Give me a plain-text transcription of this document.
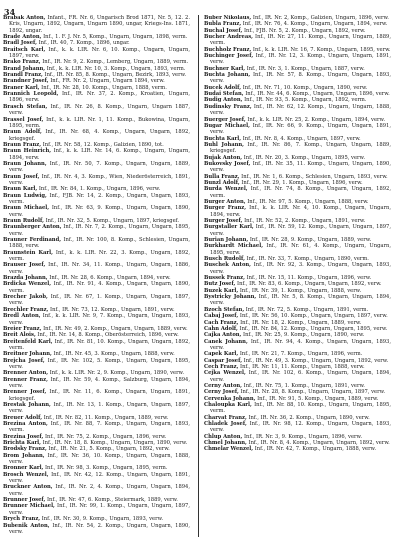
34
Brabak Anton, Infant., FR. Nr. 6, Ungarisch Brod 1871, Nr. 5, 12. 2. Kris, Ungarn, 1892, Ungarn, Ungarn 1890, ungar, Kriegs-Ins. 1871, 1892, ungar.
Brade Anton, Inf., 1. F. J. Nr. 5, Komp., Ungarn, Ungarn, 1898, verm.
Bradl Josef, Inf., IR. 40, 7. Komp., 1896, ungar.
Braitsch Karl, Inf., k. k. LIR. Nr. 6, 10. Komp., Ungarn, Ungarn, 1897, verw.
Brako Franz, Inf., IR. Nr. 9, 2. Komp., Lemberg, Ungarn, 1889, verm.
Brand Johann, Inf., k. k. LIR. Nr. 10, 3. Komp., Ungarn, 1893, verm.
Brandl Franz, Inf., IR. Nr. 85, 8. Komp., Ungarn, Bezirk, 1893, verw.
Brandner Josef, Inf., FR. Nr. 2, Ungarn, Ungarn 1894, verw.
Braner Karl, Inf., IR. Nr. 28, 10. Komp., Ungarn, 1888, verm.
Brannich Leopold, Inf., IR. Nr. 37, 2. Komp., Kroatien, Ungarn, 1896, verw.
Brasch Stefan, Inf., IR. Nr. 26, 8. Komp., Ungarn, Ungarn 1887, verw.
Brassel Josef, Inf., k. k. LIR. Nr. 1, 11. Komp., Bukowina, Ungarn, 1895, verm.
Braun Adolf, Inf., IR. Nr. 68, 4. Komp., Ungarn, Ungarn, 1892, kriegsgef.
Braun Franz, Inf., IR. Nr. 58, 12. Komp., Galizien, 1890, tot.
Braun Heinrich, Inf., k. k. LIR. Nr. 14, 6. Komp., Ungarn, Ungarn, 1894, verw.
Braun Johann, Inf., IR. Nr. 50, 7. Komp., Ungarn, Ungarn, 1889, verw.
Braun Josef, Inf., IR. Nr. 4, 3. Komp., Wien, Niederösterreich, 1891, verw.
Braun Karl, Inf., IR. Nr. 84, 1. Komp., Ungarn, 1896, verw.
Braun Ludwig, Inf., FJB. Nr. 14, 2. Komp., Ungarn, Ungarn, 1893, verm.
Braun Michael, Inf., IR. Nr. 63, 9. Komp., Ungarn, Ungarn, 1890, verw.
Braun Rudolf, Inf., IR. Nr. 32, 5. Komp., Ungarn, 1897, kriegsgef.
Braunberger Anton, Inf., IR. Nr. 7, 2. Komp., Ungarn, Ungarn, 1895, verw.
Brauner Ferdinand, Inf., IR. Nr. 100, 8. Komp., Schlesien, Ungarn, 1888, verw.
Braunstein Karl, Inf., k. k. LIR. Nr. 22, 3. Komp., Ungarn, 1892, verm.
Brauser Josef, Inf., IR. Nr. 34, 11. Komp., Ungarn, Ungarn, 1886, verw.
Brazda Johann, Inf., IR. Nr. 28, 6. Komp., Ungarn, 1894, verw.
Brdicka Wenzel, Inf., IR. Nr. 91, 4. Komp., Ungarn, Ungarn, 1890, verm.
Brecher Jakob, Inf., IR. Nr. 67, 1. Komp., Ungarn, Ungarn, 1897, verw.
Brechler Franz, Inf., IR. Nr. 73, 12. Komp., Ungarn, 1891, verw.
Bredl Anton, Inf., k. k. LIR. Nr. 9, 7. Komp., Ungarn, Ungarn, 1893, verw.
Breier Franz, Inf., IR. Nr. 49, 2. Komp., Ungarn, Ungarn, 1889, verw.
Breit Alois, Inf., IR. Nr. 14, 8. Komp., Oberösterreich, 1896, verw.
Breitenfeld Karl, Inf., IR. Nr. 81, 10. Komp., Ungarn, Ungarn, 1892, verm.
Breitner Johann, Inf., IR. Nr. 45, 3. Komp., Ungarn, 1888, verw.
Brejcha Josef, Inf., IR. Nr. 102, 5. Komp., Ungarn, Ungarn, 1895, verw.
Brenner Anton, Inf., k. k. LIR. Nr. 2, 9. Komp., Ungarn, 1890, verw.
Brenner Franz, Inf., IR. Nr. 59, 4. Komp., Salzburg, Ungarn, 1894, verw.
Brenner Josef, Inf., IR. Nr. 11, 6. Komp., Ungarn, Ungarn, 1891, kriegsgef.
Brestak Johann, Inf., IR. Nr. 13, 1. Komp., Ungarn, Ungarn, 1897, verw.
Breuer Adolf, Inf., IR. Nr. 82, 11. Komp., Ungarn, 1889, verw.
Brezina Anton, Inf., IR. Nr. 88, 7. Komp., Ungarn, Ungarn, 1893, verm.
Brezina Josef, Inf., IR. Nr. 75, 2. Komp., Ungarn, 1896, verw.
Brichta Karl, Inf., IR. Nr. 18, 8. Komp., Ungarn, Ungarn, 1890, verw.
Brodsky Franz, Inf., IR. Nr. 21, 5. Komp., Ungarn, 1892, verw.
Brom Johann, Inf., IR. Nr. 36, 10. Komp., Ungarn, Ungarn, 1888, verw.
Bronner Karl, Inf., IR. Nr. 98, 3. Komp., Ungarn, 1895, verm.
Brosch Wenzel, Inf., IR. Nr. 42, 12. Komp., Ungarn, Ungarn, 1891, verw.
Bruckner Anton, Inf., IR. Nr. 2, 4. Komp., Ungarn, Ungarn, 1894, verw.
Brunner Josef, Inf., IR. Nr. 47, 6. Komp., Steiermark, 1889, verw.
Brunner Michael, Inf., IR. Nr. 99, 1. Komp., Ungarn, Ungarn, 1897, verw.
Brych Franz, Inf., IR. Nr. 30, 9. Komp., Ungarn, 1893, verw.
Bubenik Anton, Inf., IR. Nr. 54, 2. Komp., Ungarn, Ungarn, 1890, verw.
Buber Nikolaus, Inf., IR. Nr. 2, Komp., Galizien, Ungarn, 1896, verw.
Bubla Franz, Inf., IR. Nr. 76, 4. Komp., Ungarn, Ungarn, 1894, verw.
Buchal Josef, Inf., FJB. Nr. 5, 2. Komp., Ungarn, 1892, verw.
Bucher Andreas, Inf., IR. Nr. 27, 11. Komp., Ungarn, Ungarn, 1889, verm.
Buchholz Franz, Inf., k. k. LIR. Nr. 16, 7. Komp., Ungarn, 1895, verw.
Buchinger Josef, Inf., IR. Nr. 12, 3. Komp., Ungarn, Ungarn, 1891, verw.
Buchner Karl, Inf., IR. Nr. 3, 1. Komp., Ungarn, 1887, verw.
Buchta Johann, Inf., IR. Nr. 57, 8. Komp., Ungarn, Ungarn, 1893, verw.
Bucek Adolf, Inf., IR. Nr. 71, 10. Komp., Ungarn, 1890, verw.
Budai Stefan, Inf., IR. Nr. 44, 6. Komp., Ungarn, Ungarn, 1896, verw.
Budig Anton, Inf., IR. Nr. 93, 5. Komp., Ungarn, 1892, verm.
Budinsky Franz, Inf., IR. Nr. 62, 12. Komp., Ungarn, Ungarn, 1888, verw.
Buerger Josef, Inf., k. k. LIR. Nr. 25, 2. Komp., Ungarn, 1894, verw.
Bugar Michael, Inf., IR. Nr. 66, 9. Komp., Ungarn, Ungarn, 1891, verw.
Buchta Karl, Inf., IR. Nr. 8, 4. Komp., Ungarn, 1897, verw.
Buhl Johann, Inf., IR. Nr. 86, 7. Komp., Ungarn, Ungarn, 1889, kriegsgef.
Bujak Anton, Inf., IR. Nr. 20, 3. Komp., Ungarn, 1895, verw.
Bukovsky Josef, Inf., IR. Nr. 35, 11. Komp., Ungarn, Ungarn, 1890, verw.
Bulla Franz, Inf., IR. Nr. 1, 6. Komp., Schlesien, Ungarn, 1893, verw.
Bunzl Adolf, Inf., IR. Nr. 29, 1. Komp., Ungarn, 1896, verw.
Burda Wenzel, Inf., IR. Nr. 74, 8. Komp., Ungarn, Ungarn, 1892, verm.
Burger Anton, Inf., IR. Nr. 97, 5. Komp., Ungarn, 1888, verw.
Burger Franz, Inf., k. k. LIR. Nr. 4, 10. Komp., Ungarn, Ungarn, 1894, verw.
Burger Josef, Inf., IR. Nr. 52, 2. Komp., Ungarn, 1891, verw.
Burgstaller Karl, Inf., IR. Nr. 59, 12. Komp., Ungarn, Ungarn, 1897, verw.
Burian Johann, Inf., IR. Nr. 28, 9. Komp., Ungarn, 1889, verw.
Burkhardt Michael, Inf., IR. Nr. 61, 4. Komp., Ungarn, Ungarn, 1895, verw.
Busch Rudolf, Inf., IR. Nr. 33, 7. Komp., Ungarn, 1890, verm.
Buschek Anton, Inf., IR. Nr. 92, 3. Komp., Ungarn, Ungarn, 1893, verw.
Bussek Franz, Inf., IR. Nr. 15, 11. Komp., Ungarn, 1896, verw.
Butz Josef, Inf., IR. Nr. 83, 6. Komp., Ungarn, Ungarn, 1892, verw.
Buzek Karl, Inf., IR. Nr. 39, 1. Komp., Ungarn, 1888, verw.
Bystricky Johann, Inf., IR. Nr. 5, 8. Komp., Ungarn, Ungarn, 1894, verw.
Bzoch Stefan, Inf., IR. Nr. 72, 5. Komp., Ungarn, 1891, verm.
Cabaj Josef, Inf., IR. Nr. 56, 10. Komp., Ungarn, Ungarn, 1897, verw.
Cach Franz, Inf., IR. Nr. 18, 2. Komp., Ungarn, 1889, verw.
Cahn Adolf, Inf., IR. Nr. 84, 12. Komp., Ungarn, Ungarn, 1895, verw.
Cajka Anton, Inf., IR. Nr. 25, 9. Komp., Ungarn, 1890, verw.
Canek Johann, Inf., IR. Nr. 94, 4. Komp., Ungarn, Ungarn, 1893, verw.
Capek Karl, Inf., IR. Nr. 21, 7. Komp., Ungarn, 1896, verm.
Caspar Josef, Inf., IR. Nr. 49, 3. Komp., Ungarn, Ungarn, 1892, verw.
Cech Franz, Inf., IR. Nr. 11, 11. Komp., Ungarn, 1888, verw.
Cejka Wenzel, Inf., IR. Nr. 102, 6. Komp., Ungarn, Ungarn, 1894, verw.
Cerny Anton, Inf., IR. Nr. 75, 1. Komp., Ungarn, 1891, verw.
Cerny Josef, Inf., IR. Nr. 28, 8. Komp., Ungarn, Ungarn, 1897, verw.
Cervenka Johann, Inf., IR. Nr. 91, 5. Komp., Ungarn, 1889, verw.
Chaloupka Karl, Inf., IR. Nr. 88, 10. Komp., Ungarn, Ungarn, 1895, verm.
Charvat Franz, Inf., IR. Nr. 36, 2. Komp., Ungarn, 1890, verw.
Chladek Josef, Inf., IR. Nr. 98, 12. Komp., Ungarn, Ungarn, 1893, verw.
Chlup Anton, Inf., IR. Nr. 3, 9. Komp., Ungarn, 1896, verw.
Chmel Johann, Inf., IR. Nr. 8, 4. Komp., Ungarn, Ungarn, 1892, verw.
Chmelar Wenzel, Inf., IR. Nr. 42, 7. Komp., Ungarn, 1888, verw.
